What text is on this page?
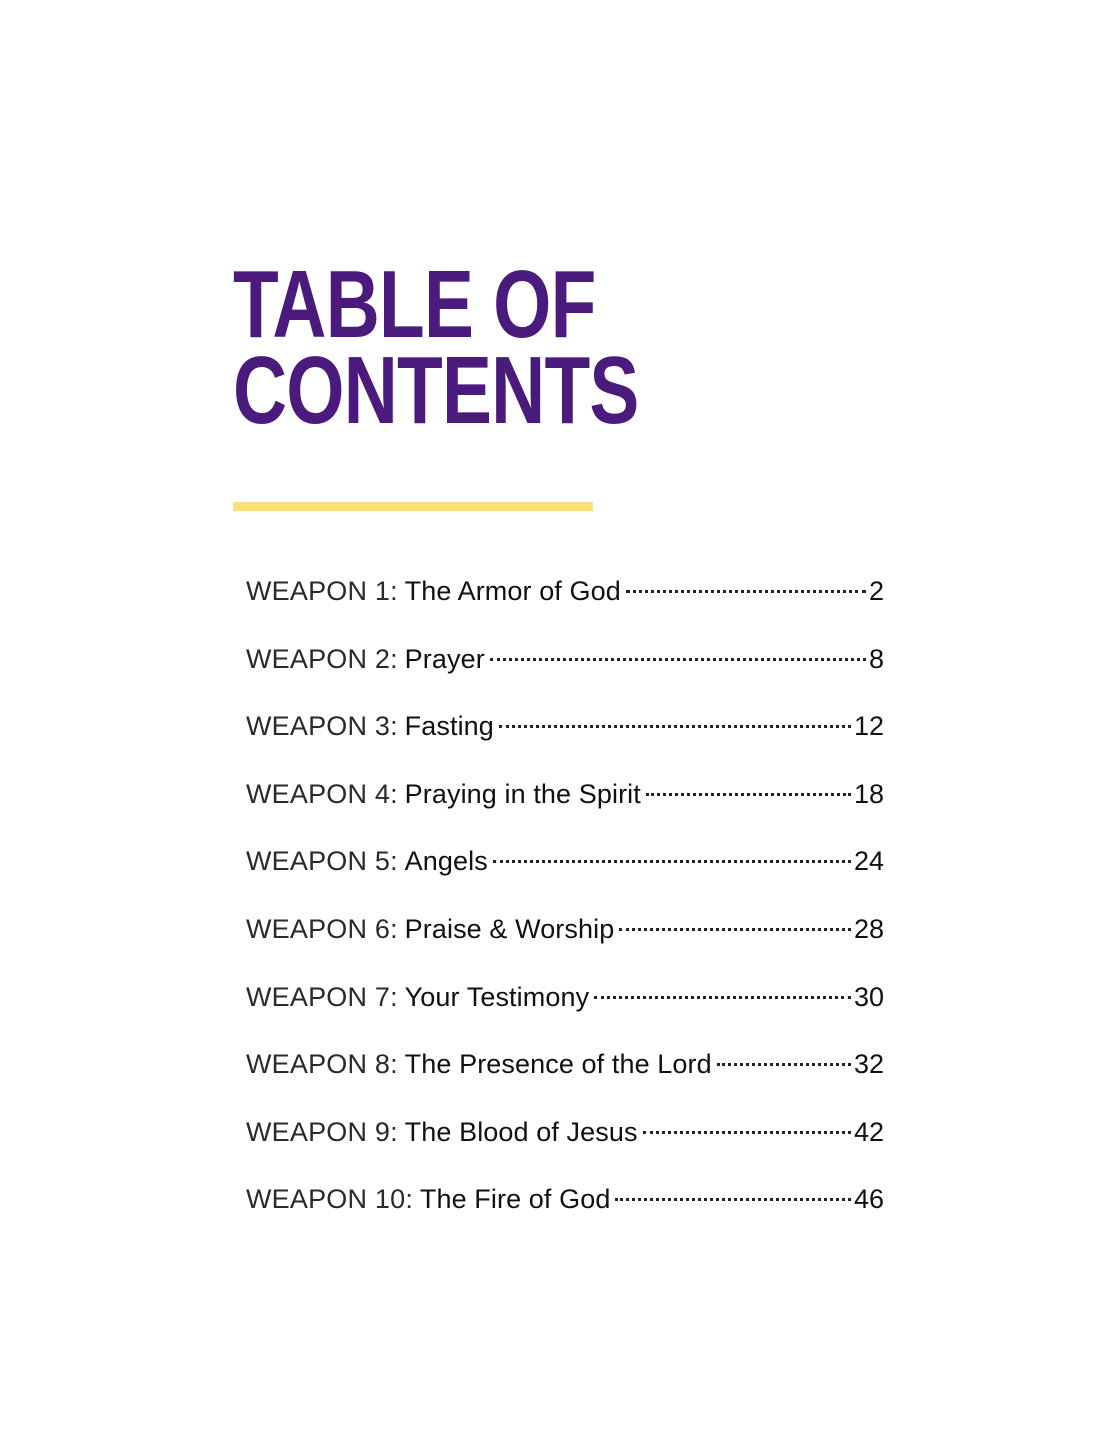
TABLE OF
CONTENTS
WEAPON 1 : The Armor of God	2
WEAPON 2 : Prayer	8
WEAPON 3 : Fasting	12
WEAPON 4 : Praying in the Spirit	18
WEAPON 5 : Angels	24
WEAPON 6 : Praise & Worship	28
WEAPON 7 : Your Testimony	30
WEAPON 8 : The Presence of the Lord	32
WEAPON 9 : The Blood of Jesus	42
WEAPON 10 : The Fire of God	46
